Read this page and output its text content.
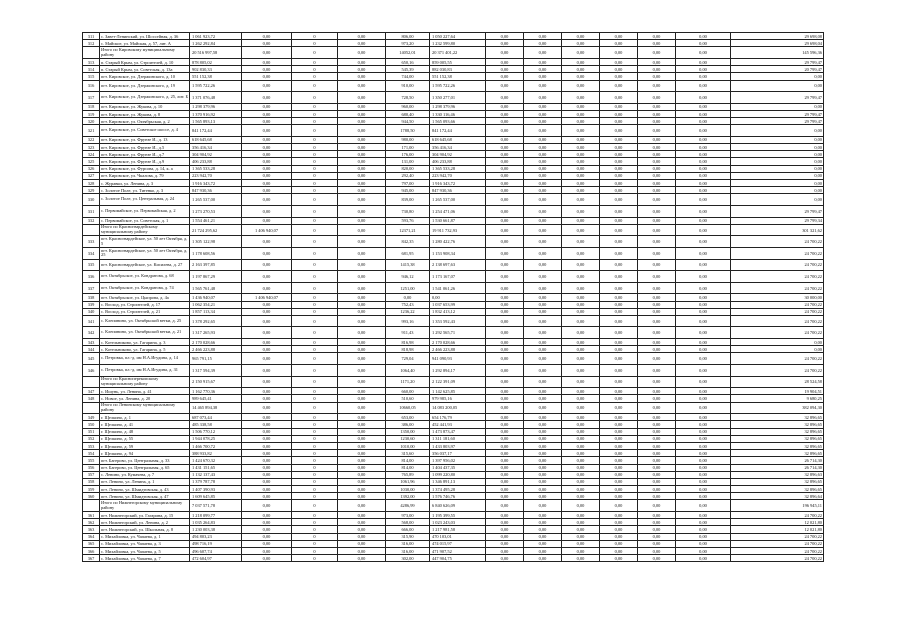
311	с. Завет-Ленинский, ул. Шоссейная, д. 36	1 061 923,72	0,00	0	0,00	806,00	1 050 227,64	0,00	0,00	0,00	0,00	0,00	0,00	29 698,08
312	с. Майское, ул. Майская, д. 57, лит. А	1 262 292,84	0,00	0	0,00	973,20	1 232 599,80	0,00	0,00	0,00	0,00	0,00	0,00	29 698,04
	Итого по Кировскому муниципальному району	20 516 997,58	0,00	0	0,00	14052,01	20 371 401,22	0,00	0,00	0,00	0,00	0,00	0,00	145 596,36
313	п. Старый Крым, ул. Строителей, д. 10	878 805,02	0,00	0	0,00	650,16	859 005,55	0,00	0,00	0,00	0,00	0,00	0,00	29 799,47
314	п. Старый Крым, ул. Советская, д. 13а	902 830,33	0,00	0	0,00	545,39	882 030,83	0,00	0,00	0,00	0,00	0,00	0,00	20 799,47
315	пгт. Кировское, ул. Дзержинского, д. 10	551 152,38	0,00	0	0,00	744,00	551 152,38	0,00	0,00	0,00	0,00	0,00	0,00	0,00
316	пгт. Кировское, ул. Дзержинского, д. 19	1 595 722,26	0,00	0	0,00	910,00	1 595 722,26	0,00	0,00	0,00	0,00	0,00	0,00	0,00
317	пгт. Кировское, ул. Дзержинского, д. 25, лит. Б	1 371 076,48	0,00	0	0,00	728,50	1 350 277,01	0,00	0,00	0,00	0,00	0,00	0,00	29 799,47
318	пгт. Кировское, ул. Жукова, д. 10	1 298 379,96	0,00	0	0,00	960,00	1 298 379,96	0,00	0,00	0,00	0,00	0,00	0,00	0,00
319	пгт. Кировское, ул. Жукова, д. 8	1 370 916,92	0,00	0	0,00	680,40	1 330 116,46	0,00	0,00	0,00	0,00	0,00	0,00	29 799,47
320	пгт. Кировское, ул. Октябрьская, д. 2	1 565 893,13	0,00	0	0,00	944,50	1 565 093,66	0,00	0,00	0,00	0,00	0,00	0,00	29 799,47
321	пгт. Кировское, ул. Советское шоссе, д. 4	841 172,44	0,00	0	0,00	1788,50	841 172,44	0,00	0,00	0,00	0,00	0,00	0,00	0,00
322	пгт. Кировское, ул. Фрунзе И., д. 13	618 645,68	0,00	0	0,00	980,00	618 645,68	0,00	0,00	0,00	0,00	0,00	0,00	0,00
323	пгт. Кировское, ул. Фрунзе И., д.5	356 416,34	0,00	0	0,00	171,00	356 416,34	0,00	0,00	0,00	0,00	0,00	0,00	0,00
324	пгт. Кировское, ул. Фрунзе И., д.7	304 904,92	0,00	0	0,00	176,00	304 904,92	0,00	0,00	0,00	0,00	0,00	0,00	0,00
325	пгт. Кировское, ул. Фрунзе И., д.9	406 233,88	0,00	0	0,00	131,00	406 233,88	0,00	0,00	0,00	0,00	0,00	0,00	0,00
326	пгт. Кировское, ул. Фурсова, д. 14, к. а	1 365 533,28	0,00	0	0,00	820,00	1 365 533,28	0,00	0,00	0,00	0,00	0,00	0,00	0,00
327	пгт. Кировское, ул. Чкалова, д. 79	223 942,70	0,00	0	0,00	292,40	223 942,70	0,00	0,00	0,00	0,00	0,00	0,00	0,00
328	с. Журавки, ул. Ленина, д. 3	1 916 343,72	0,00	0	0,00	797,00	1 916 343,72	0,00	0,00	0,00	0,00	0,00	0,00	0,00
329	с. Золотое Поле, ул. Титенко, д. 3	847 930,36	0,00	0	0,00	945,00	847 930,36	0,00	0,00	0,00	0,00	0,00	0,00	0,00
330	с. Золотое Поле, ул. Центральная, д. 24	1 265 537,00	0,00	0	0,00	839,00	1 265 537,00	0,00	0,00	0,00	0,00	0,00	0,00	0,00
331	с. Первомайское, ул. Первомайская, д. 2	1 273 270,53	0,00	0	0,00	730,80	1 254 471,06	0,00	0,00	0,00	0,00	0,00	0,00	29 799,47
332	с. Первомайское, ул. Советская, д. 1	1 554 461,21	0,00	0	0,00	593,76	1 530 661,87	0,00	0,00	0,00	0,00	0,00	0,00	29 799,34
	Итого по Красногвардейскому муниципальному району	21 724 295,62	1 406 940,07	0	0,00	12371,21	19 911 732,93	0,00	0,00	0,00	0,00	0,00	0,00	301 321,62
333	пгт. Красногвардейское, ул. 50 лет Октября, д. 5	1 305 122,98	0,00	0	0,00	842,35	1 280 422,76	0,00	0,00	0,00	0,00	0,00	0,00	24 700,22
334	пгт. Красногвардейское, ул. 50 лет Октября, д. 25	1 178 608,56	0,00	0	0,00	681,95	1 153 908,34	0,00	0,00	0,00	0,00	0,00	0,00	24 700,22
335	пгт. Красногвардейское, ул. Кисилева, д. 27	2 163 397,85	0,00	0	0,00	1415,38	2 138 697,63	0,00	0,00	0,00	0,00	0,00	0,00	24 700,22
336	пгт. Октябрьское, ул. Кондратова, д. 68	1 197 867,29	0,00	0	0,00	946,12	1 173 167,07	0,00	0,00	0,00	0,00	0,00	0,00	24 700,22
337	пгт. Октябрьское, ул. Кондратова, д. 74	1 565 761,48	0,00	0	0,00	1251,00	1 541 061,26	0,00	0,00	0,00	0,00	0,00	0,00	24 700,22
338	пгт. Октябрьское, ул. Цыпрова, д. 4а	1 436 940,07	1 406 940,07	0	0,00	0,00	0,00	0,00	0,00	0,00	0,00	0,00	0,00	30 000,00
339	с. Восход, ул. Строителей, д. 17	1 062 354,21	0,00	0	0,00	752,43	1 037 653,99	0,00	0,00	0,00	0,00	0,00	0,00	24 700,22
340	с. Восход, ул. Строителей, д. 21	1 857 113,34	0,00	0	0,00	1236,22	1 832 413,12	0,00	0,00	0,00	0,00	0,00	0,00	24 700,22
341	с. Клепинино, ул. Октябрьской ветки, д. 25	1 378 292,65	0,00	0	0,00	993,16	1 353 592,43	0,00	0,00	0,00	0,00	0,00	0,00	24 700,22
342	с. Клепинино, ул. Октябрьской ветки, д. 21	1 317 265,93	0,00	0	0,00	911,43	1 292 565,71	0,00	0,00	0,00	0,00	0,00	0,00	24 700,22
343	с. Котельниково, ул. Гагарина, д. 3	2 170 028,66	0,00	0	0,00	816,98	2 170 028,66	0,00	0,00	0,00	0,00	0,00	0,00	0,00
344	с. Котельниково, ул. Гагарина, д. 5	2 466 223,88	0,00	0	0,00	818,98	2 466 223,88	0,00	0,00	0,00	0,00	0,00	0,00	0,00
345	с. Петровка, пл.-д. им Н.А.Игудина, д. 14	965 791,15	0,00	0	0,00	729,04	941 090,93	0,00	0,00	0,00	0,00	0,00	0,00	24 700,22
346	с. Петровка, пл.-д. им Н.А.Игудина, д. 31	1 317 594,39	0,00	0	0,00	1064,40	1 292 894,17	0,00	0,00	0,00	0,00	0,00	0,00	24 700,22
	Итого по Красноперекопскому муниципальному району	2 150 915,67	0,00	0	0,00	1171,20	2 122 391,09	0,00	0,00	0,00	0,00	0,00	0,00	28 524,58
347	с. Ишунь, ул. Ленина, д. 41	1 162 770,36	0,00	0	0,00	660,00	1 142 625,85	0,00	0,00	0,00	0,00	0,00	0,00	19 904,51
348	с. Новое, ул. Ленина, д. 20	989 645,41	0,00	0	0,00	510,60	979 985,16	0,00	0,00	0,00	0,00	0,00	0,00	9 680,25
	Итого по Ленинскому муниципальному району	14 465 894,38	0,00	0	0,00	10660,05	14 083 200,05	0,00	0,00	0,00	0,00	0,00	0,00	382 094,30
349	г. Щелкино, д. 1	687 073,44	0,00	0	0,00	653,00	654 176,79	0,00	0,00	0,00	0,00	0,00	0,00	32 896,65
350	г. Щелкино, д. 41	485 338,58	0,00	0	0,00	386,00	452 441,93	0,00	0,00	0,00	0,00	0,00	0,00	32 896,65
351	г. Щелкино, д. 48	1 506 770,12	0,00	0	0,00	1350,00	1 473 873,47	0,00	0,00	0,00	0,00	0,00	0,00	32 896,65
352	г. Щелкино, д. 55	1 944 078,25	0,00	0	0,00	1230,60	1 311 181,60	0,00	0,00	0,00	0,00	0,00	0,00	32 896,65
353	г. Щелкино, д. 59	1 466 700,72	0,00	0	0,00	1010,00	1 433 803,97	0,00	0,00	0,00	0,00	0,00	0,00	32 896,65
354	г. Щелкино, д. 94	388 933,82	0,00	0	0,00	315,60	356 037,17	0,00	0,00	0,00	0,00	0,00	0,00	32 896,65
355	пгт. Багерово, ул. Центральная, д. 33	1 424 670,32	0,00	0	0,00	814,00	1 397 956,02	0,00	0,00	0,00	0,00	0,00	0,00	26 714,30
356	пгт. Багерово, ул. Центральная, д. 65	1 431 151,65	0,00	0	0,00	814,00	1 404 437,35	0,00	0,00	0,00	0,00	0,00	0,00	26 714,30
357	с. Ленино, ул. Кумачева, д. 7	1 132 137,43	0,00	0	0,00	765,89	1 099 220,80	0,00	0,00	0,00	0,00	0,00	0,00	32 896,63
358	пгт. Ленино, ул. Ленина, д. 1	1 379 787,78	0,00	0	0,00	1061,96	1 346 891,13	0,00	0,00	0,00	0,00	0,00	0,00	32 896,65
359	пгт. Ленино, ул. Шмидтовская, д. 43	1 407 390,93	0,00	0	0,00	1030,00	1 374 495,28	0,00	0,00	0,00	0,00	0,00	0,00	32 896,65
360	пгт. Ленино, ул. Шмидтовская, д. 47	1 609 645,85	0,00	0	0,00	1392,00	1 576 746,76	0,00	0,00	0,00	0,00	0,00	0,00	32 896,64
	Итого по Нижнегорскому муниципальному району	7 037 571,78	0,00	0	0,00	4286,99	6 840 626,09	0,00	0,00	0,00	0,00	0,00	0,00	196 945,11
361	пгт. Нижнегорский, ул. Гагарина, д. 15	1 218 099,77	0,00	0	0,00	973,00	1 195 399,55	0,00	0,00	0,00	0,00	0,00	0,00	24 700,22
362	пгт. Нижнегорский, ул. Ленина, д. 2	1 035 264,83	0,00	0	0,00	568,00	1 023 243,03	0,00	0,00	0,00	0,00	0,00	0,00	12 021,80
363	пгт. Нижнегорский, ул. Школьная, д. 8	1 230 003,38	0,00	0	0,00	666,00	1 217 981,58	0,00	0,00	0,00	0,00	0,00	0,00	12 021,80
364	с. Михайловка, ул. Чапаева, д. 1	494 803,23	0,00	0	0,00	315,90	470 103,01	0,00	0,00	0,00	0,00	0,00	0,00	24 700,22
365	с. Михайловка, ул. Чапаева, д. 3	498 716,19	0,00	0	0,00	316,00	474 015,97	0,00	0,00	0,00	0,00	0,00	0,00	24 700,22
366	с. Михайловка, ул. Чапаева, д. 5	496 607,74	0,00	0	0,00	316,00	471 907,52	0,00	0,00	0,00	0,00	0,00	0,00	24 700,22
367	с. Михайловка, ул. Чапаева, д. 7	472 604,97	0,00	0	0,00	302,00	447 904,75	0,00	0,00	0,00	0,00	0,00	0,00	24 700,22
